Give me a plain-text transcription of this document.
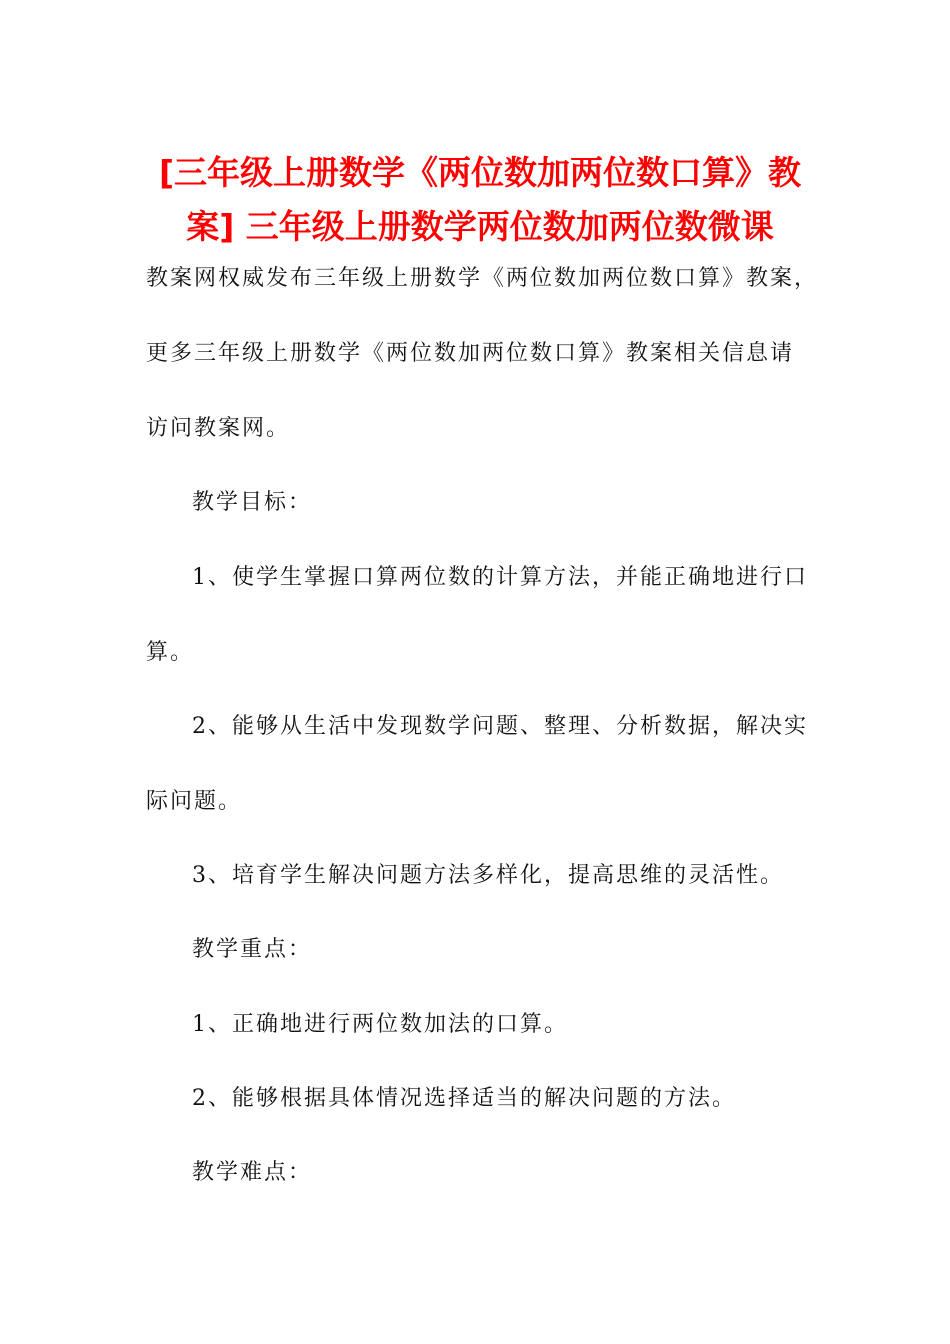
[三年级上册数学《两位数加两位数口算》教案] 三年级上册数学两位数加两位数微课

教案网权威发布三年级上册数学《两位数加两位数口算》教案，

更多三年级上册数学《两位数加两位数口算》教案相关信息请

访问教案网。

教学目标：

1、使学生掌握口算两位数的计算方法，并能正确地进行口

算。

2、能够从生活中发现数学问题、整理、分析数据，解决实

际问题。

3、培育学生解决问题方法多样化，提高思维的灵活性。

教学重点：

1、正确地进行两位数加法的口算。

2、能够根据具体情况选择适当的解决问题的方法。

教学难点：
